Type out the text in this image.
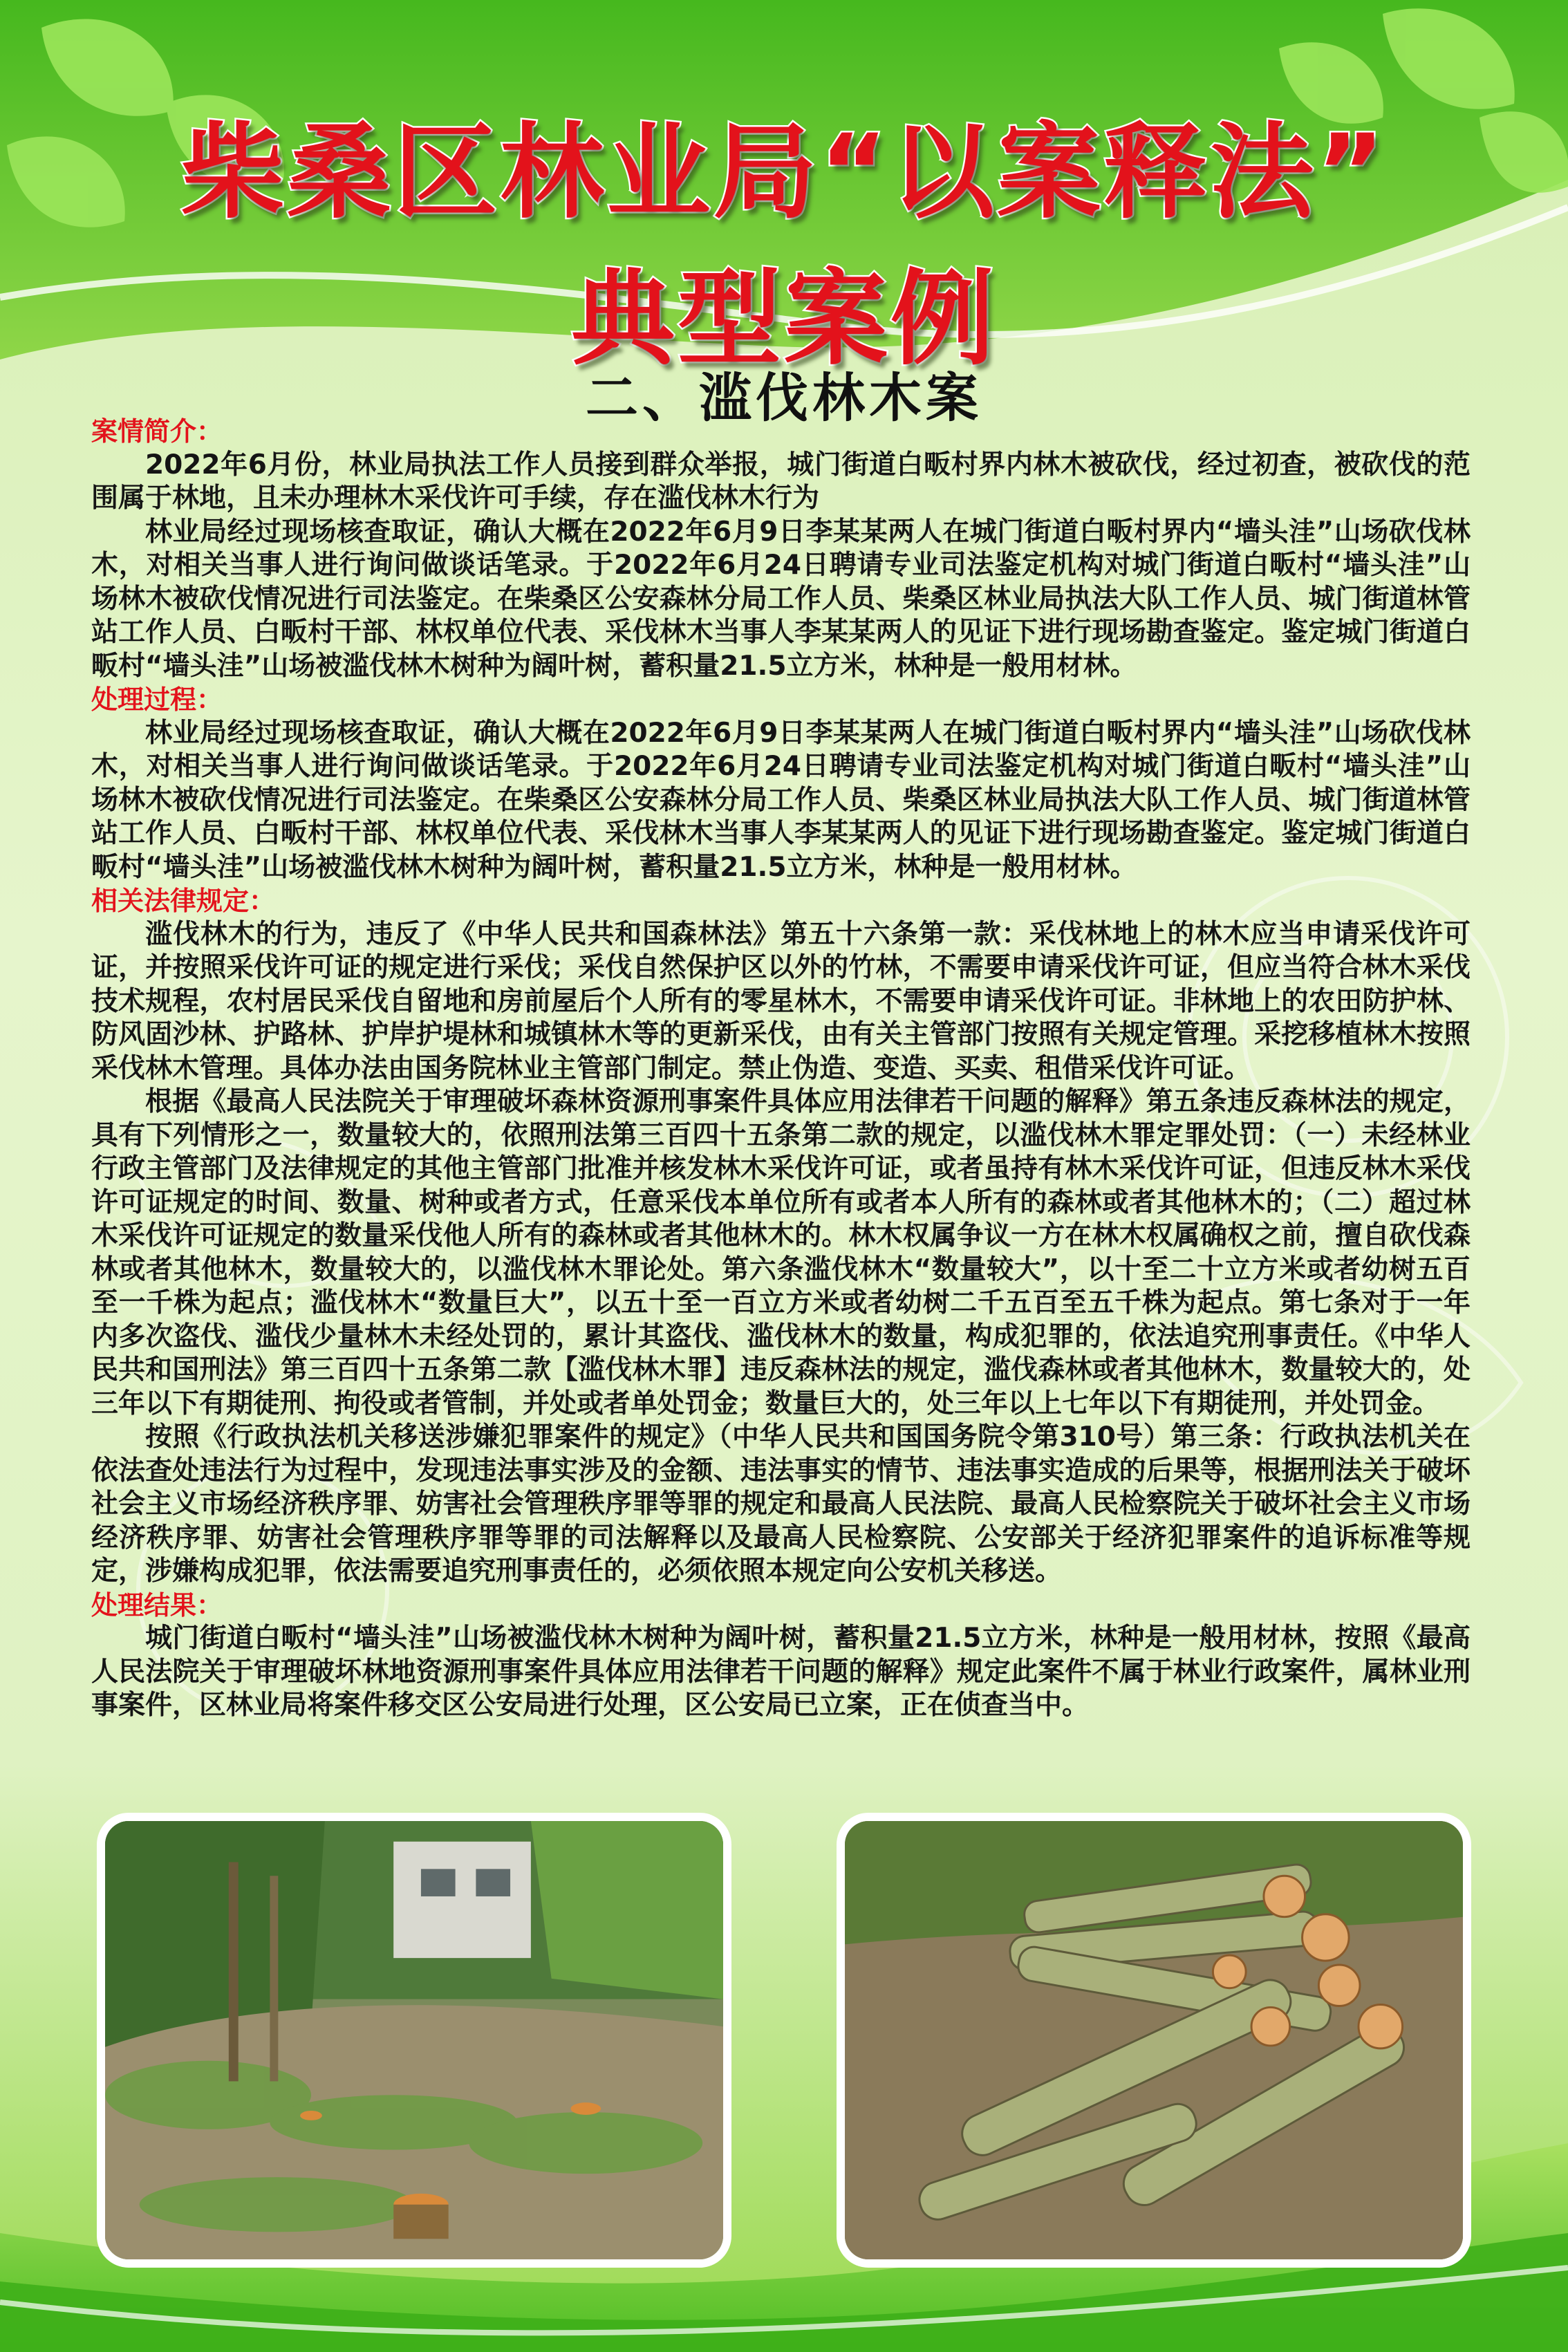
柴桑区林业局“以案释法”
典型案例
二、滥伐林木案
案情简介：

2022年6月份，林业局执法工作人员接到群众举报，城门街道白畈村界内林木被砍伐，经过初查，被砍伐的范围属于林地，且未办理林木采伐许可手续，存在滥伐林木行为

林业局经过现场核查取证，确认大概在2022年6月9日李某某两人在城门街道白畈村界内“墙头洼”山场砍伐林木，对相关当事人进行询问做谈话笔录。于2022年6月24日聘请专业司法鉴定机构对城门街道白畈村“墙头洼”山场林木被砍伐情况进行司法鉴定。在柴桑区公安森林分局工作人员、柴桑区林业局执法大队工作人员、城门街道林管站工作人员、白畈村干部、林权单位代表、采伐林木当事人李某某两人的见证下进行现场勘查鉴定。鉴定城门街道白畈村“墙头洼”山场被滥伐林木树种为阔叶树，蓄积量21.5立方米，林种是一般用材林。

处理过程：

林业局经过现场核查取证，确认大概在2022年6月9日李某某两人在城门街道白畈村界内“墙头洼”山场砍伐林木，对相关当事人进行询问做谈话笔录。于2022年6月24日聘请专业司法鉴定机构对城门街道白畈村“墙头洼”山场林木被砍伐情况进行司法鉴定。在柴桑区公安森林分局工作人员、柴桑区林业局执法大队工作人员、城门街道林管站工作人员、白畈村干部、林权单位代表、采伐林木当事人李某某两人的见证下进行现场勘查鉴定。鉴定城门街道白畈村“墙头洼”山场被滥伐林木树种为阔叶树，蓄积量21.5立方米，林种是一般用材林。

相关法律规定：

滥伐林木的行为，违反了《中华人民共和国森林法》第五十六条第一款：采伐林地上的林木应当申请采伐许可证，并按照采伐许可证的规定进行采伐；采伐自然保护区以外的竹林，不需要申请采伐许可证，但应当符合林木采伐技术规程，农村居民采伐自留地和房前屋后个人所有的零星林木，不需要申请采伐许可证。非林地上的农田防护林、防风固沙林、护路林、护岸护堤林和城镇林木等的更新采伐，由有关主管部门按照有关规定管理。采挖移植林木按照采伐林木管理。具体办法由国务院林业主管部门制定。禁止伪造、变造、买卖、租借采伐许可证。

根据《最高人民法院关于审理破坏森林资源刑事案件具体应用法律若干问题的解释》第五条违反森林法的规定，具有下列情形之一，数量较大的，依照刑法第三百四十五条第二款的规定，以滥伐林木罪定罪处罚：（一）未经林业行政主管部门及法律规定的其他主管部门批准并核发林木采伐许可证，或者虽持有林木采伐许可证，但违反林木采伐许可证规定的时间、数量、树种或者方式，任意采伐本单位所有或者本人所有的森林或者其他林木的；（二）超过林木采伐许可证规定的数量采伐他人所有的森林或者其他林木的。林木权属争议一方在林木权属确权之前，擅自砍伐森林或者其他林木，数量较大的，以滥伐林木罪论处。第六条滥伐林木“数量较大”，以十至二十立方米或者幼树五百至一千株为起点；滥伐林木“数量巨大”，以五十至一百立方米或者幼树二千五百至五千株为起点。第七条对于一年内多次盗伐、滥伐少量林木未经处罚的，累计其盗伐、滥伐林木的数量，构成犯罪的，依法追究刑事责任。《中华人民共和国刑法》第三百四十五条第二款【滥伐林木罪】违反森林法的规定，滥伐森林或者其他林木，数量较大的，处三年以下有期徒刑、拘役或者管制，并处或者单处罚金；数量巨大的，处三年以上七年以下有期徒刑，并处罚金。

按照《行政执法机关移送涉嫌犯罪案件的规定》（中华人民共和国国务院令第310号）第三条：行政执法机关在依法查处违法行为过程中，发现违法事实涉及的金额、违法事实的情节、违法事实造成的后果等，根据刑法关于破坏社会主义市场经济秩序罪、妨害社会管理秩序罪等罪的规定和最高人民法院、最高人民检察院关于破坏社会主义市场经济秩序罪、妨害社会管理秩序罪等罪的司法解释以及最高人民检察院、公安部关于经济犯罪案件的追诉标准等规定，涉嫌构成犯罪，依法需要追究刑事责任的，必须依照本规定向公安机关移送。

处理结果：

城门街道白畈村“墙头洼”山场被滥伐林木树种为阔叶树，蓄积量21.5立方米，林种是一般用材林，按照《最高人民法院关于审理破坏林地资源刑事案件具体应用法律若干问题的解释》规定此案件不属于林业行政案件，属林业刑事案件，区林业局将案件移交区公安局进行处理，区公安局已立案，正在侦查当中。
